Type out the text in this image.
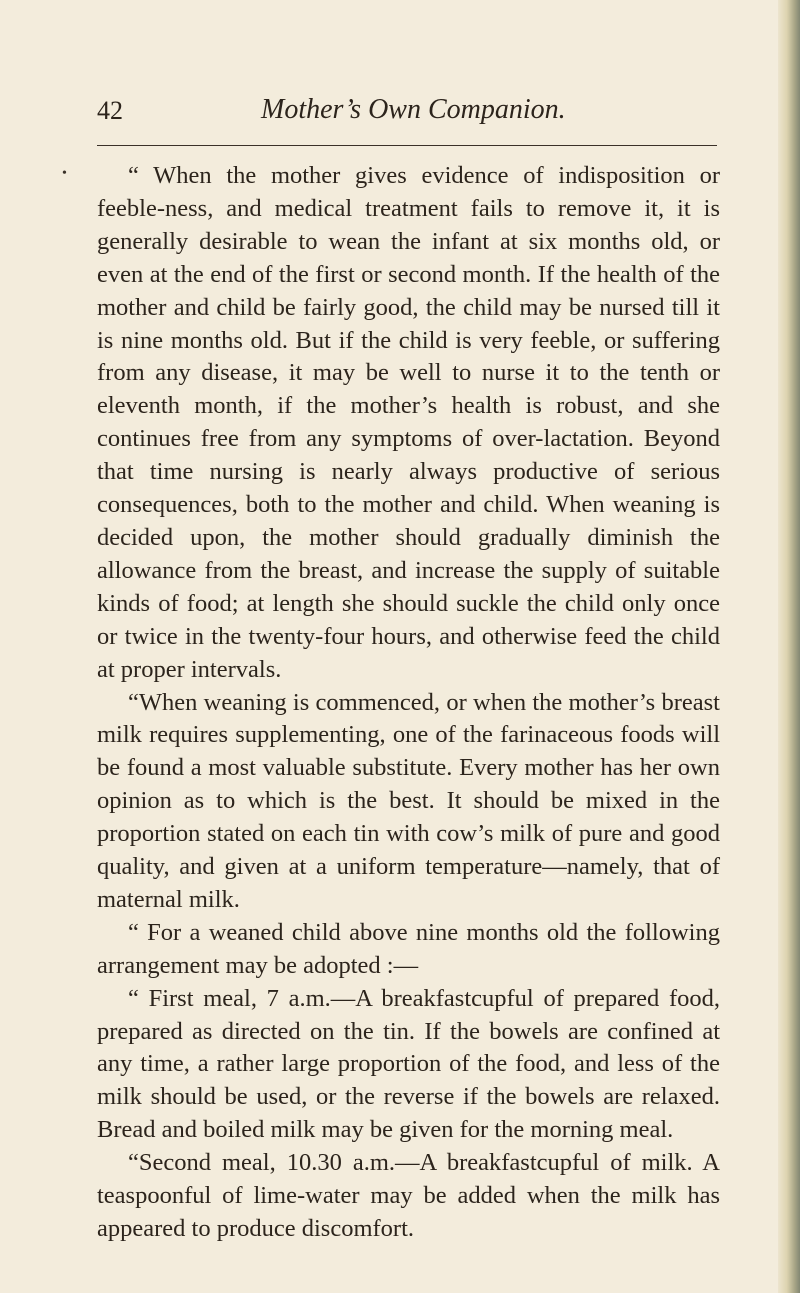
42	Mother’s Own Companion.
•	“ When the mother gives evidence of indisposition or feeble-ness, and medical treatment fails to remove it, it is generally desirable to wean the infant at six months old, or even at the end of the first or second month. If the health of the mother and child be fairly good, the child may be nursed till it is nine months old. But if the child is very feeble, or suffering from any disease, it may be well to nurse it to the tenth or eleventh month, if the mother’s health is robust, and she continues free from any symptoms of over-lactation. Beyond that time nursing is nearly always productive of serious consequences, both to the mother and child. When weaning is decided upon, the mother should gradually diminish the allowance from the breast, and increase the supply of suitable kinds of food; at length she should suckle the child only once or twice in the twenty-four hours, and otherwise feed the child at proper intervals.

“When weaning is commenced, or when the mother’s breast milk requires supplementing, one of the farinaceous foods will be found a most valuable substitute. Every mother has her own opinion as to which is the best. It should be mixed in the proportion stated on each tin with cow’s milk of pure and good quality, and given at a uniform temperature—namely, that of maternal milk.

“ For a weaned child above nine months old the following arrangement may be adopted :—

“ First meal, 7 a.m.—A breakfastcupful of prepared food, prepared as directed on the tin. If the bowels are confined at any time, a rather large proportion of the food, and less of the milk should be used, or the reverse if the bowels are relaxed. Bread and boiled milk may be given for the morning meal.

“Second meal, 10.30 a.m.—A breakfastcupful of milk. A teaspoonful of lime-water may be added when the milk has appeared to produce discomfort.
